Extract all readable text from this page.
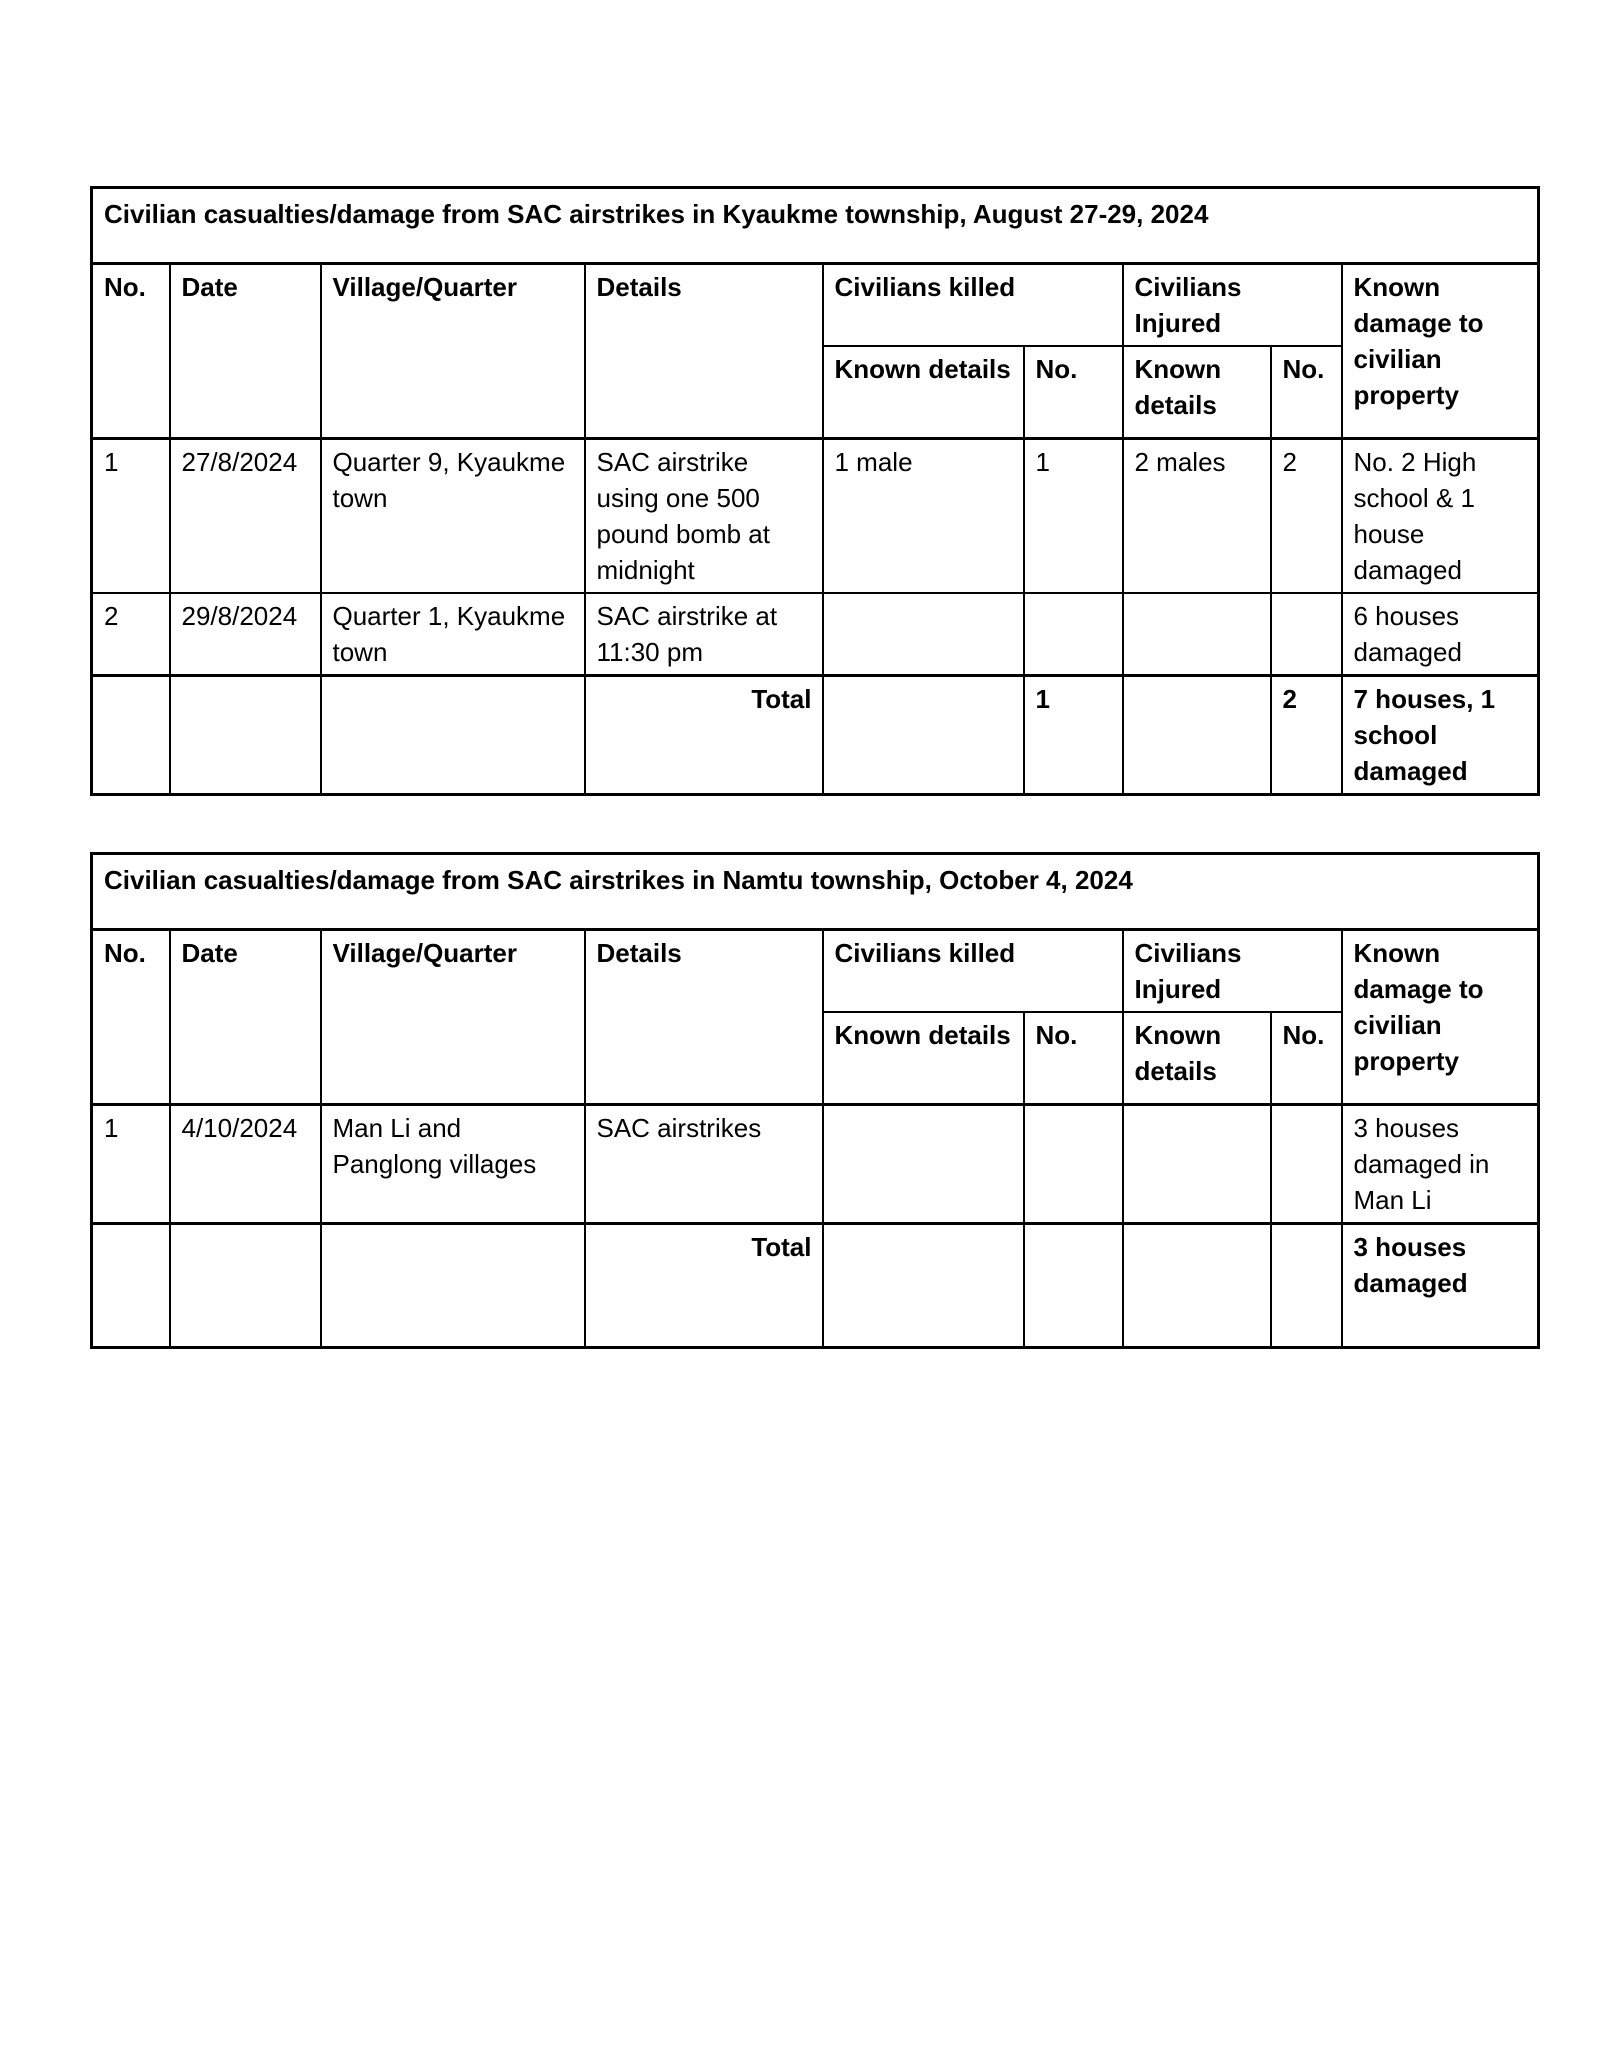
Civilian casualties/damage from SAC airstrikes in Kyaukme township, August 27-29, 2024								
No.	Date	Village/Quarter	Details	Civilians killed		Civilians Injured		Known damage to civilian property
				Known details	No.	Known details	No.	
1	27/8/2024	Quarter 9, Kyaukme town	SAC airstrike using one 500 pound bomb at midnight	1 male	1	2 males	2	No. 2 High school & 1 house damaged
2	29/8/2024	Quarter 1, Kyaukme town	SAC airstrike at 11:30 pm					6 houses damaged
			Total		1		2	7 houses, 1 school damaged
Civilian casualties/damage from SAC airstrikes in Namtu township, October 4, 2024								
No.	Date	Village/Quarter	Details	Civilians killed		Civilians Injured		Known damage to civilian property
				Known details	No.	Known details	No.	
1	4/10/2024	Man Li and Panglong villages	SAC airstrikes					3 houses damaged in Man Li
			Total					3 houses damaged
